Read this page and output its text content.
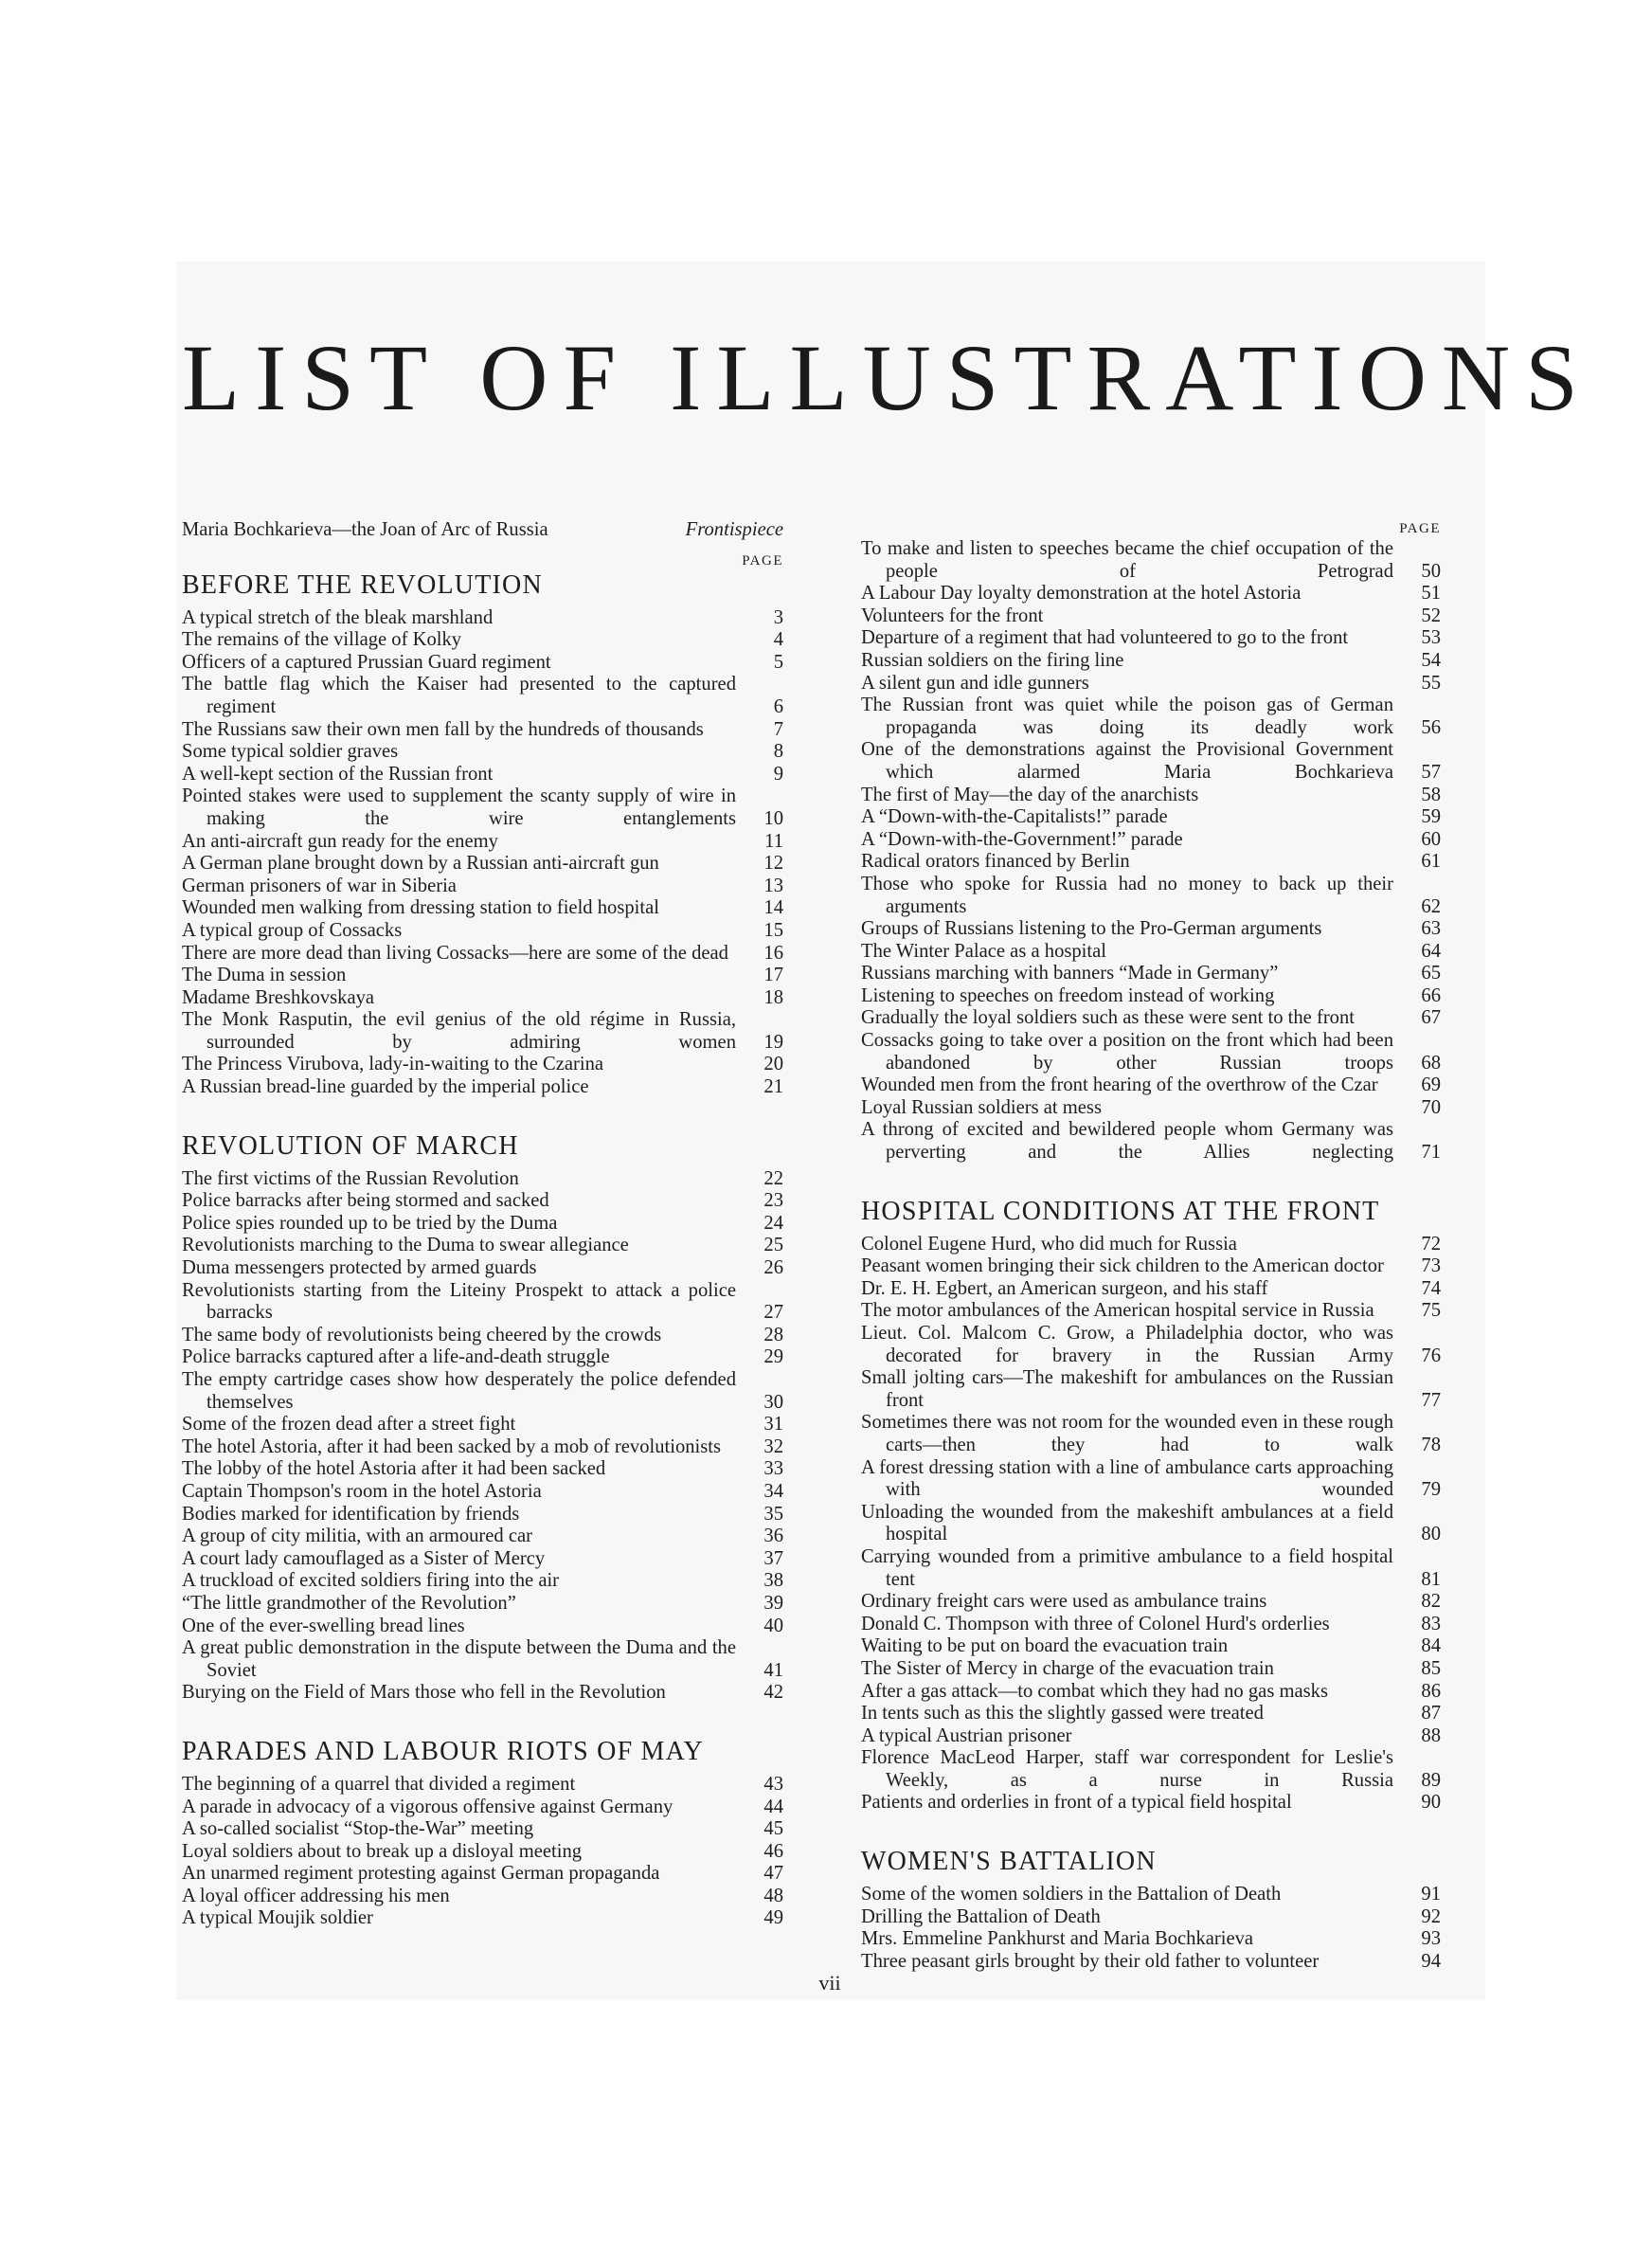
LIST OF ILLUSTRATIONS
Maria Bochkarieva—the Joan of Arc of Russia	Frontispiece
PAGE
BEFORE THE REVOLUTION
A typical stretch of the bleak marshland	3
The remains of the village of Kolky	4
Officers of a captured Prussian Guard regiment	5
The battle flag which the Kaiser had presented to the captured regiment	6
The Russians saw their own men fall by the hundreds of thousands	7
Some typical soldier graves	8
A well-kept section of the Russian front	9
Pointed stakes were used to supplement the scanty supply of wire in making the wire entanglements	10
An anti-aircraft gun ready for the enemy	11
A German plane brought down by a Russian anti-aircraft gun	12
German prisoners of war in Siberia	13
Wounded men walking from dressing station to field hospital	14
A typical group of Cossacks	15
There are more dead than living Cossacks—here are some of the dead	16
The Duma in session	17
Madame Breshkovskaya	18
The Monk Rasputin, the evil genius of the old régime in Russia, surrounded by admiring women	19
The Princess Virubova, lady-in-waiting to the Czarina	20
A Russian bread-line guarded by the imperial police	21
REVOLUTION OF MARCH
The first victims of the Russian Revolution	22
Police barracks after being stormed and sacked	23
Police spies rounded up to be tried by the Duma	24
Revolutionists marching to the Duma to swear allegiance	25
Duma messengers protected by armed guards	26
Revolutionists starting from the Liteiny Prospekt to attack a police barracks	27
The same body of revolutionists being cheered by the crowds	28
Police barracks captured after a life-and-death struggle	29
The empty cartridge cases show how desperately the police defended themselves	30
Some of the frozen dead after a street fight	31
The hotel Astoria, after it had been sacked by a mob of revolutionists	32
The lobby of the hotel Astoria after it had been sacked	33
Captain Thompson's room in the hotel Astoria	34
Bodies marked for identification by friends	35
A group of city militia, with an armoured car	36
A court lady camouflaged as a Sister of Mercy	37
A truckload of excited soldiers firing into the air	38
“The little grandmother of the Revolution”	39
One of the ever-swelling bread lines	40
A great public demonstration in the dispute between the Duma and the Soviet	41
Burying on the Field of Mars those who fell in the Revolution	42
PARADES AND LABOUR RIOTS OF MAY
The beginning of a quarrel that divided a regiment	43
A parade in advocacy of a vigorous offensive against Germany	44
A so-called socialist “Stop-the-War” meeting	45
Loyal soldiers about to break up a disloyal meeting	46
An unarmed regiment protesting against German propaganda	47
A loyal officer addressing his men	48
A typical Moujik soldier	49
PAGE
To make and listen to speeches became the chief occupation of the people of Petrograd	50
A Labour Day loyalty demonstration at the hotel Astoria	51
Volunteers for the front	52
Departure of a regiment that had volunteered to go to the front	53
Russian soldiers on the firing line	54
A silent gun and idle gunners	55
The Russian front was quiet while the poison gas of German propaganda was doing its deadly work	56
One of the demonstrations against the Provisional Government which alarmed Maria Bochkarieva	57
The first of May—the day of the anarchists	58
A “Down-with-the-Capitalists!” parade	59
A “Down-with-the-Government!” parade	60
Radical orators financed by Berlin	61
Those who spoke for Russia had no money to back up their arguments	62
Groups of Russians listening to the Pro-German arguments	63
The Winter Palace as a hospital	64
Russians marching with banners “Made in Germany”	65
Listening to speeches on freedom instead of working	66
Gradually the loyal soldiers such as these were sent to the front	67
Cossacks going to take over a position on the front which had been abandoned by other Russian troops	68
Wounded men from the front hearing of the overthrow of the Czar	69
Loyal Russian soldiers at mess	70
A throng of excited and bewildered people whom Germany was perverting and the Allies neglecting	71
HOSPITAL CONDITIONS AT THE FRONT
Colonel Eugene Hurd, who did much for Russia	72
Peasant women bringing their sick children to the American doctor	73
Dr. E. H. Egbert, an American surgeon, and his staff	74
The motor ambulances of the American hospital service in Russia	75
Lieut. Col. Malcom C. Grow, a Philadelphia doctor, who was decorated for bravery in the Russian Army	76
Small jolting cars—The makeshift for ambulances on the Russian front	77
Sometimes there was not room for the wounded even in these rough carts—then they had to walk	78
A forest dressing station with a line of ambulance carts approaching with wounded	79
Unloading the wounded from the makeshift ambulances at a field hospital	80
Carrying wounded from a primitive ambulance to a field hospital tent	81
Ordinary freight cars were used as ambulance trains	82
Donald C. Thompson with three of Colonel Hurd's orderlies	83
Waiting to be put on board the evacuation train	84
The Sister of Mercy in charge of the evacuation train	85
After a gas attack—to combat which they had no gas masks	86
In tents such as this the slightly gassed were treated	87
A typical Austrian prisoner	88
Florence MacLeod Harper, staff war correspondent for Leslie's Weekly, as a nurse in Russia	89
Patients and orderlies in front of a typical field hospital	90
WOMEN'S BATTALION
Some of the women soldiers in the Battalion of Death	91
Drilling the Battalion of Death	92
Mrs. Emmeline Pankhurst and Maria Bochkarieva	93
Three peasant girls brought by their old father to volunteer	94
vii
